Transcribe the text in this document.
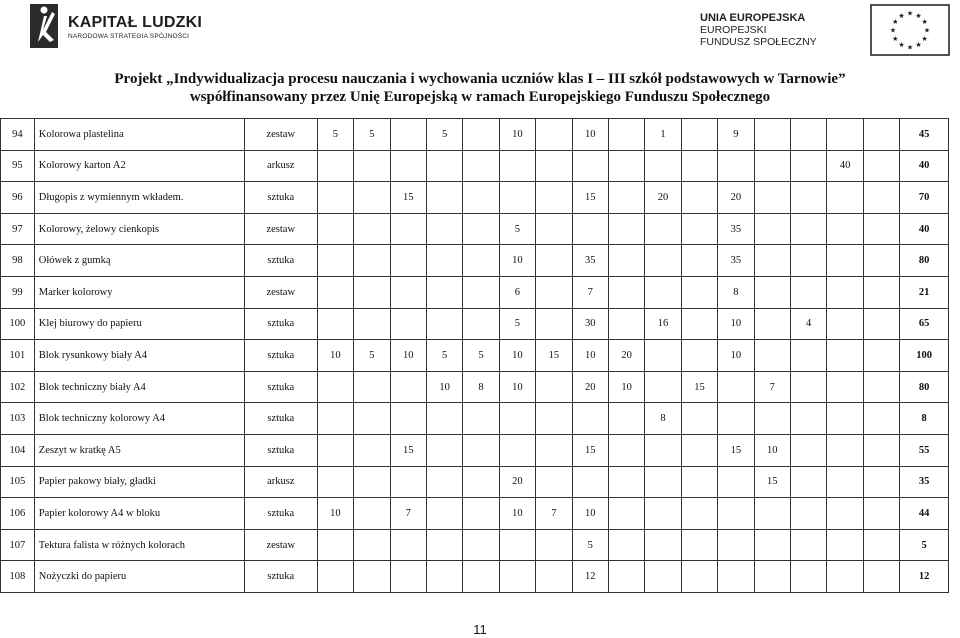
KAPITAŁ LUDZKI
NARODOWA STRATEGIA SPÓJNOŚCI
UNIA EUROPEJSKA
EUROPEJSKI
FUNDUSZ SPOŁECZNY
★
★
★
★
★
★
★
★
★ ★ ★
★
Projekt „Indywidualizacja procesu nauczania i wychowania uczniów klas I – III szkół podstawowych w Tarnowie”
współfinansowany przez Unię Europejską w ramach Europejskiego Funduszu Społecznego
94	Kolorowa plastelina	zestaw	5	5		5		10		10		1		9					45
95	Kolorowy karton A2	arkusz															40		40
96	Długopis z wymiennym wkładem.	sztuka			15					15		20		20					70
97	Kolorowy, żelowy cienkopis	zestaw						5						35					40
98	Ołówek z gumką	sztuka						10		35				35					80
99	Marker kolorowy	zestaw						6		7				8					21
100	Klej biurowy do papieru	sztuka						5		30		16		10		4			65
101	Blok rysunkowy biały A4	sztuka	10	5	10	5	5	10	15	10	20			10					100
102	Blok techniczny biały A4	sztuka				10	8	10		20	10		15		7				80
103	Blok techniczny kolorowy A4	sztuka										8							8
104	Zeszyt w kratkę A5	sztuka			15					15				15	10				55
105	Papier pakowy biały, gładki	arkusz						20							15				35
106	Papier kolorowy A4 w bloku	sztuka	10		7			10	7	10									44
107	Tektura falista w różnych kolorach	zestaw								5									5
108	Nożyczki do papieru	sztuka								12									12
11
